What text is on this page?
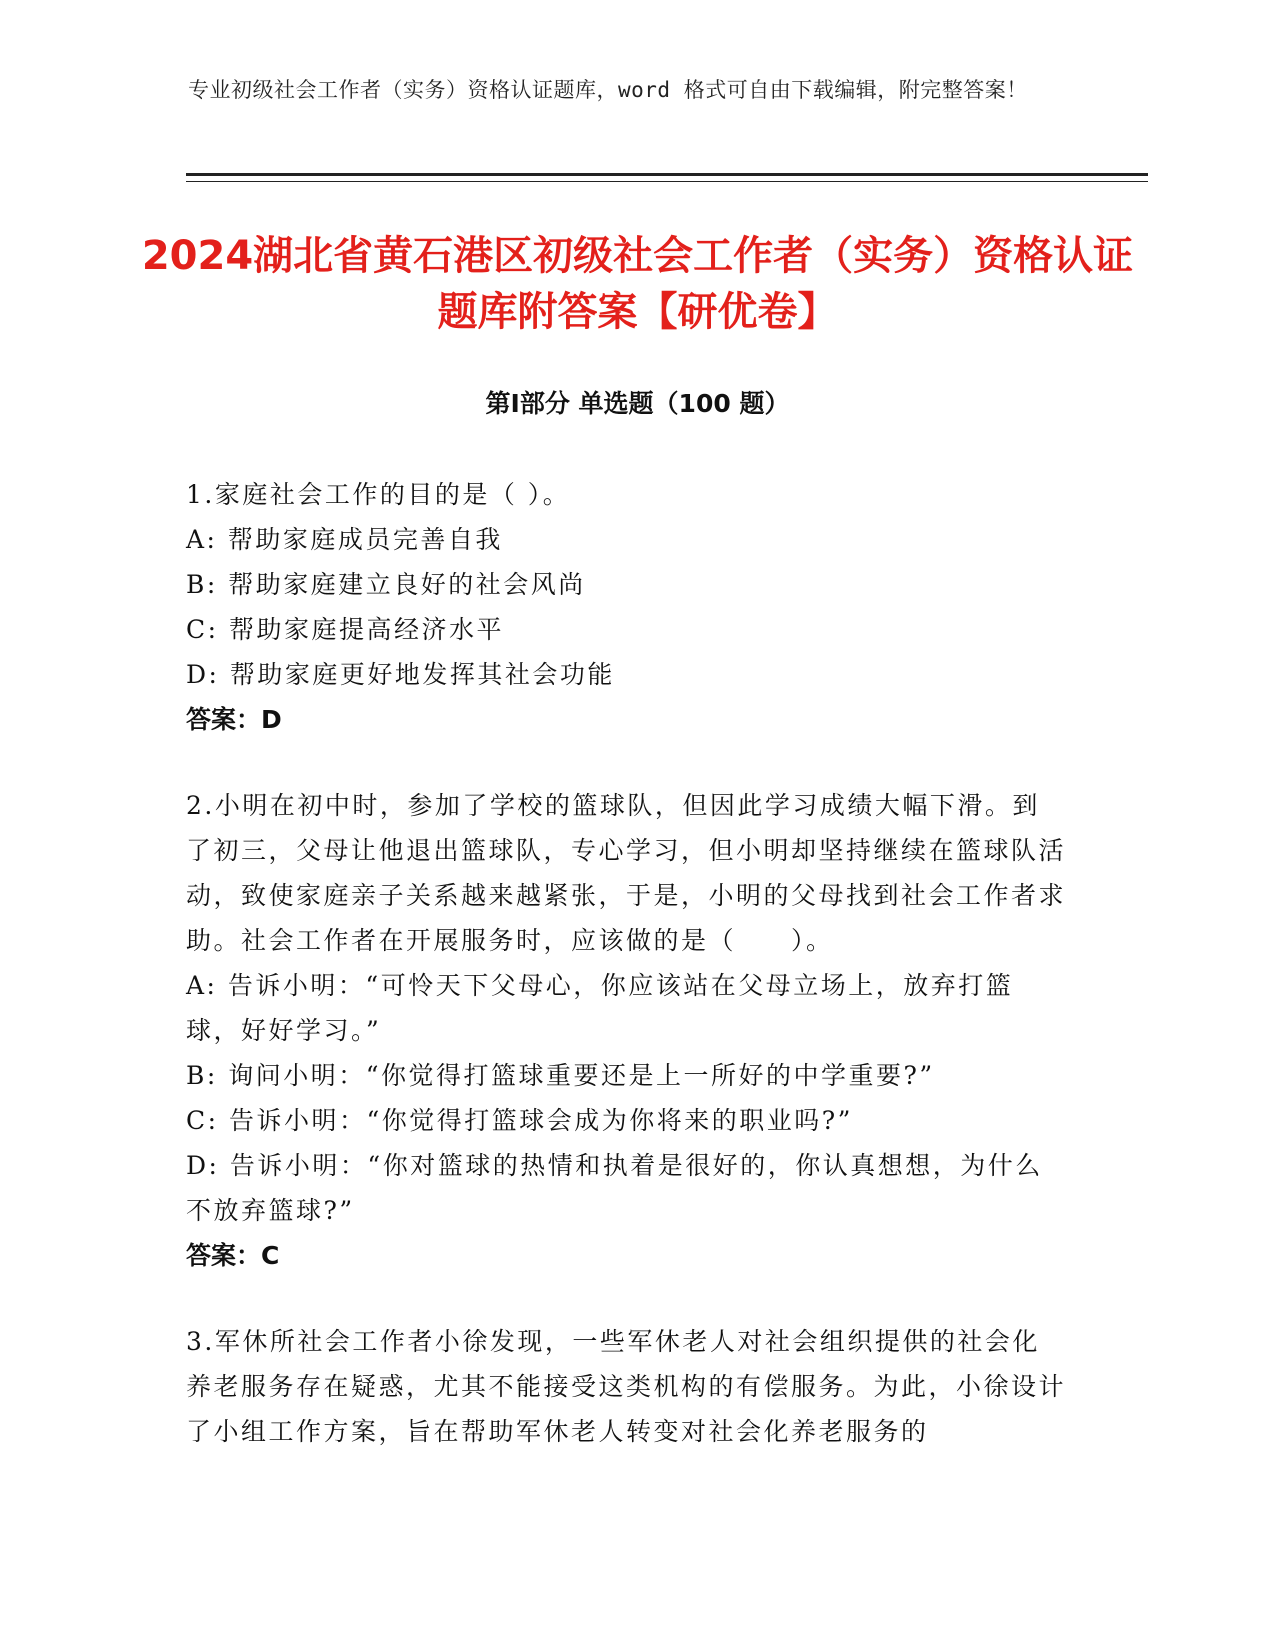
专业初级社会工作者（实务）资格认证题库，word 格式可自由下载编辑，附完整答案！
2024湖北省黄石港区初级社会工作者（实务）资格认证题库附答案【研优卷】
第Ⅰ部分 单选题（100 题）

1.家庭社会工作的目的是（ ）。

A: 帮助家庭成员完善自我

B: 帮助家庭建立良好的社会风尚

C: 帮助家庭提高经济水平

D: 帮助家庭更好地发挥其社会功能

答案：D

2.小明在初中时，参加了学校的篮球队，但因此学习成绩大幅下滑。到了初三，父母让他退出篮球队，专心学习，但小明却坚持继续在篮球队活动，致使家庭亲子关系越来越紧张，于是，小明的父母找到社会工作者求助。社会工作者在开展服务时，应该做的是（　　）。

A: 告诉小明：“可怜天下父母心，你应该站在父母立场上，放弃打篮球，好好学习。”

B: 询问小明：“你觉得打篮球重要还是上一所好的中学重要?”

C: 告诉小明：“你觉得打篮球会成为你将来的职业吗?”

D: 告诉小明：“你对篮球的热情和执着是很好的，你认真想想，为什么不放弃篮球?”

答案：C

3.军休所社会工作者小徐发现，一些军休老人对社会组织提供的社会化养老服务存在疑惑，尤其不能接受这类机构的有偿服务。为此，小徐设计了小组工作方案，旨在帮助军休老人转变对社会化养老服务的
